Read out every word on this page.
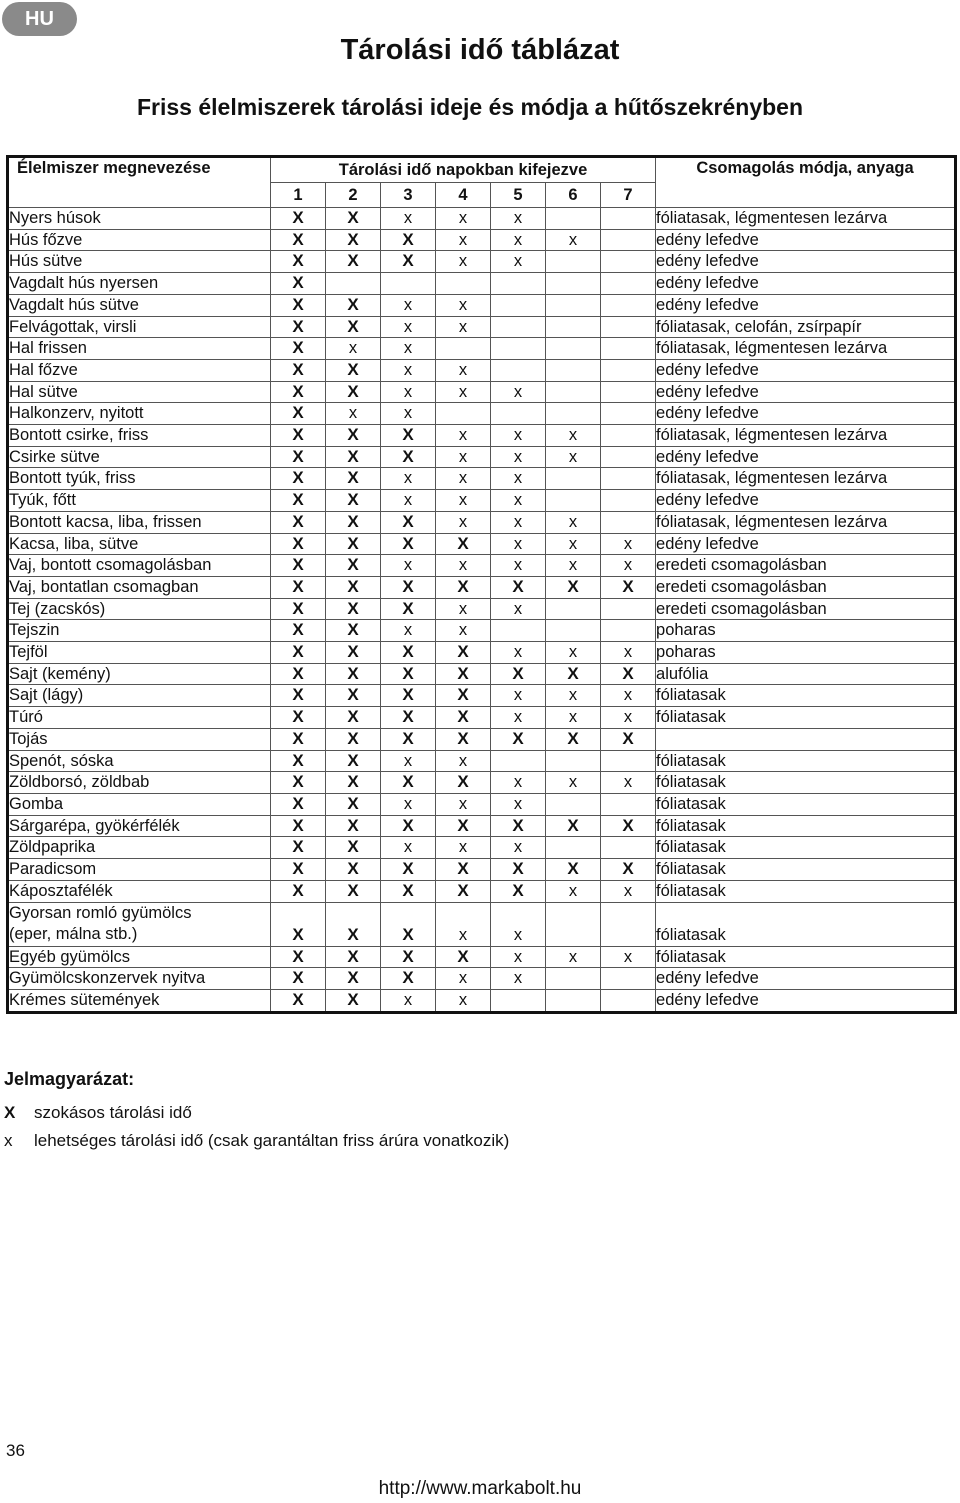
HU
Tárolási idő táblázat
Friss élelmiszerek tárolási ideje és módja a hűtőszekrényben
Élelmiszer megnevezése	Tárolási idő napokban kifejezve							Csomagolás módja, anyaga
	1	2	3	4	5	6	7	
Nyers húsok	X	X	x	x	x			fóliatasak, légmentesen lezárva
Hús főzve	X	X	X	x	x	x		edény lefedve
Hús sütve	X	X	X	x	x			edény lefedve
Vagdalt hús nyersen	X							edény lefedve
Vagdalt hús sütve	X	X	x	x				edény lefedve
Felvágottak, virsli	X	X	x	x				fóliatasak, celofán, zsírpapír
Hal frissen	X	x	x					fóliatasak, légmentesen lezárva
Hal főzve	X	X	x	x				edény lefedve
Hal sütve	X	X	x	x	x			edény lefedve
Halkonzerv, nyitott	X	x	x					edény lefedve
Bontott csirke, friss	X	X	X	x	x	x		fóliatasak, légmentesen lezárva
Csirke sütve	X	X	X	x	x	x		edény lefedve
Bontott tyúk, friss	X	X	x	x	x			fóliatasak, légmentesen lezárva
Tyúk, főtt	X	X	x	x	x			edény lefedve
Bontott kacsa, liba, frissen	X	X	X	x	x	x		fóliatasak, légmentesen lezárva
Kacsa, liba, sütve	X	X	X	X	x	x	x	edény lefedve
Vaj, bontott csomagolásban	X	X	x	x	x	x	x	eredeti csomagolásban
Vaj, bontatlan csomagban	X	X	X	X	X	X	X	eredeti csomagolásban
Tej (zacskós)	X	X	X	x	x			eredeti csomagolásban
Tejszin	X	X	x	x				poharas
Tejföl	X	X	X	X	x	x	x	poharas
Sajt (kemény)	X	X	X	X	X	X	X	alufólia
Sajt (lágy)	X	X	X	X	x	x	x	fóliatasak
Túró	X	X	X	X	x	x	x	fóliatasak
Tojás	X	X	X	X	X	X	X	
Spenót, sóska	X	X	x	x				fóliatasak
Zöldborsó, zöldbab	X	X	X	X	x	x	x	fóliatasak
Gomba	X	X	x	x	x			fóliatasak
Sárgarépa, gyökérfélék	X	X	X	X	X	X	X	fóliatasak
Zöldpaprika	X	X	x	x	x			fóliatasak
Paradicsom	X	X	X	X	X	X	X	fóliatasak
Káposztafélék	X	X	X	X	X	x	x	fóliatasak
Gyorsan romló gyümölcs
(eper, málna stb.)	X	X	X	x	x			fóliatasak
Egyéb gyümölcs	X	X	X	X	x	x	x	fóliatasak
Gyümölcskonzervek nyitva	X	X	X	x	x			edény lefedve
Krémes sütemények	X	X	x	x				edény lefedve

Jelmagyarázat:

X szokásos tárolási idő
x lehetséges tárolási idő (csak garantáltan friss árúra vonatkozik)
36
http://www.markabolt.hu
